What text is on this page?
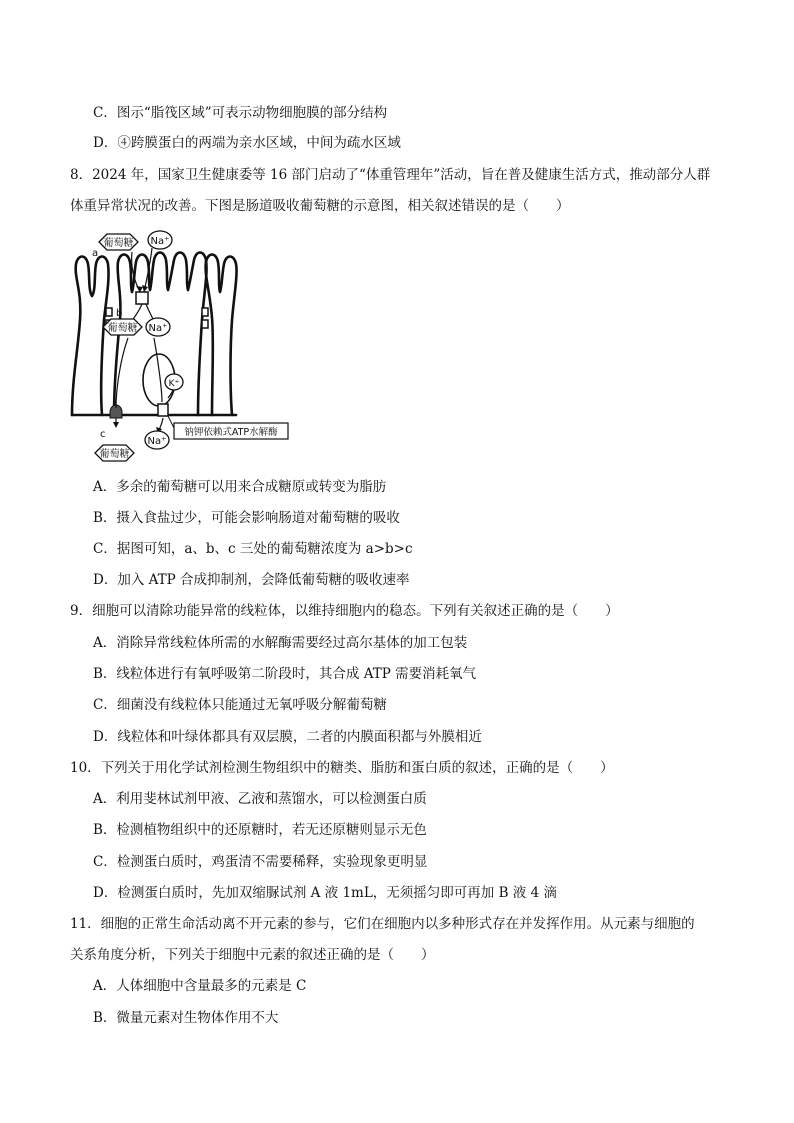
C．图示“脂筏区域”可表示动物细胞膜的部分结构
D．④跨膜蛋白的两端为亲水区域，中间为疏水区域
8．2024 年，国家卫生健康委等 16 部门启动了“体重管理年”活动，旨在普及健康生活方式，推动部分人群
体重异常状况的改善。下图是肠道吸收葡萄糖的示意图，相关叙述错误的是（　　）
葡萄糖
葡萄糖
葡萄糖
Na⁺
Na⁺
K⁺
Na⁺
a
b
c	钠钾依赖式ATP水解酶
A．多余的葡萄糖可以用来合成糖原或转变为脂肪
B．摄入食盐过少，可能会影响肠道对葡萄糖的吸收
C．据图可知，a、b、c 三处的葡萄糖浓度为 a>b>c
D．加入 ATP 合成抑制剂，会降低葡萄糖的吸收速率
9．细胞可以清除功能异常的线粒体，以维持细胞内的稳态。下列有关叙述正确的是（　　）
A．消除异常线粒体所需的水解酶需要经过高尔基体的加工包装
B．线粒体进行有氧呼吸第二阶段时，其合成 ATP 需要消耗氧气
C．细菌没有线粒体只能通过无氧呼吸分解葡萄糖
D．线粒体和叶绿体都具有双层膜，二者的内膜面积都与外膜相近
10．下列关于用化学试剂检测生物组织中的糖类、脂肪和蛋白质的叙述，正确的是（　　）
A．利用斐林试剂甲液、乙液和蒸馏水，可以检测蛋白质
B．检测植物组织中的还原糖时，若无还原糖则显示无色
C．检测蛋白质时，鸡蛋清不需要稀释，实验现象更明显
D．检测蛋白质时，先加双缩脲试剂 A 液 1mL，无须摇匀即可再加 B 液 4 滴
11．细胞的正常生命活动离不开元素的参与，它们在细胞内以多种形式存在并发挥作用。从元素与细胞的
关系角度分析，下列关于细胞中元素的叙述正确的是（　　）
A．人体细胞中含量最多的元素是 C
B．微量元素对生物体作用不大
